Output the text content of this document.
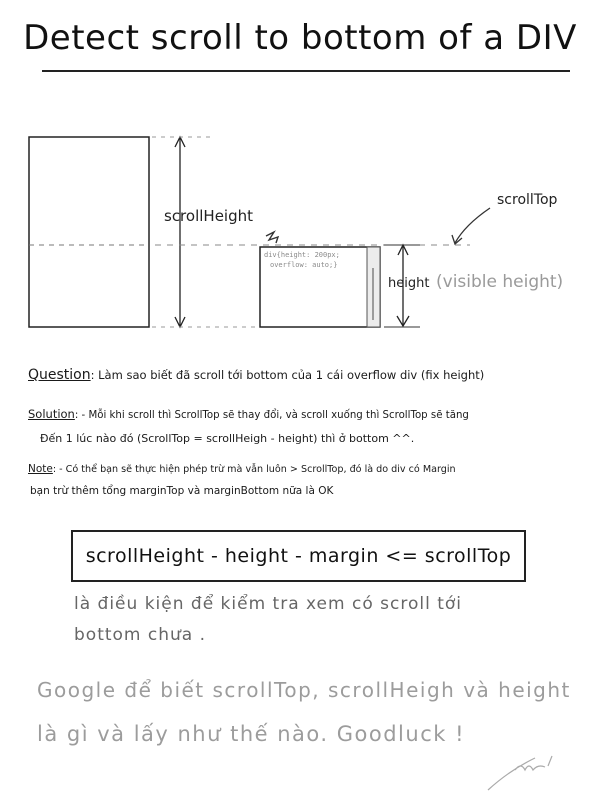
Detect scroll to bottom of a DIV
scrollHeight
scrollTop
height (visible height)
div{height: 200px;
overflow: auto;}
Question: Làm sao biết đã scroll tới bottom của 1 cái overflow div (fix height)
Solution: - Mỗi khi scroll thì ScrollTop sẽ thay đổi, và scroll xuống thì ScrollTop sẽ tăng
Đến 1 lúc nào đó (ScrollTop = scrollHeigh - height) thì ở bottom ^^.
Note: - Có thể bạn sẽ thực hiện phép trừ mà vẫn luôn > ScrollTop, đó là do div có Margin
bạn trừ thêm tổng marginTop và marginBottom nữa là OK
scrollHeight - height - margin <= scrollTop
là điều kiện để kiểm tra xem có scroll tới
bottom chưa .
Google để biết scrollTop, scrollHeigh và height
là gì và lấy như thế nào. Goodluck !
